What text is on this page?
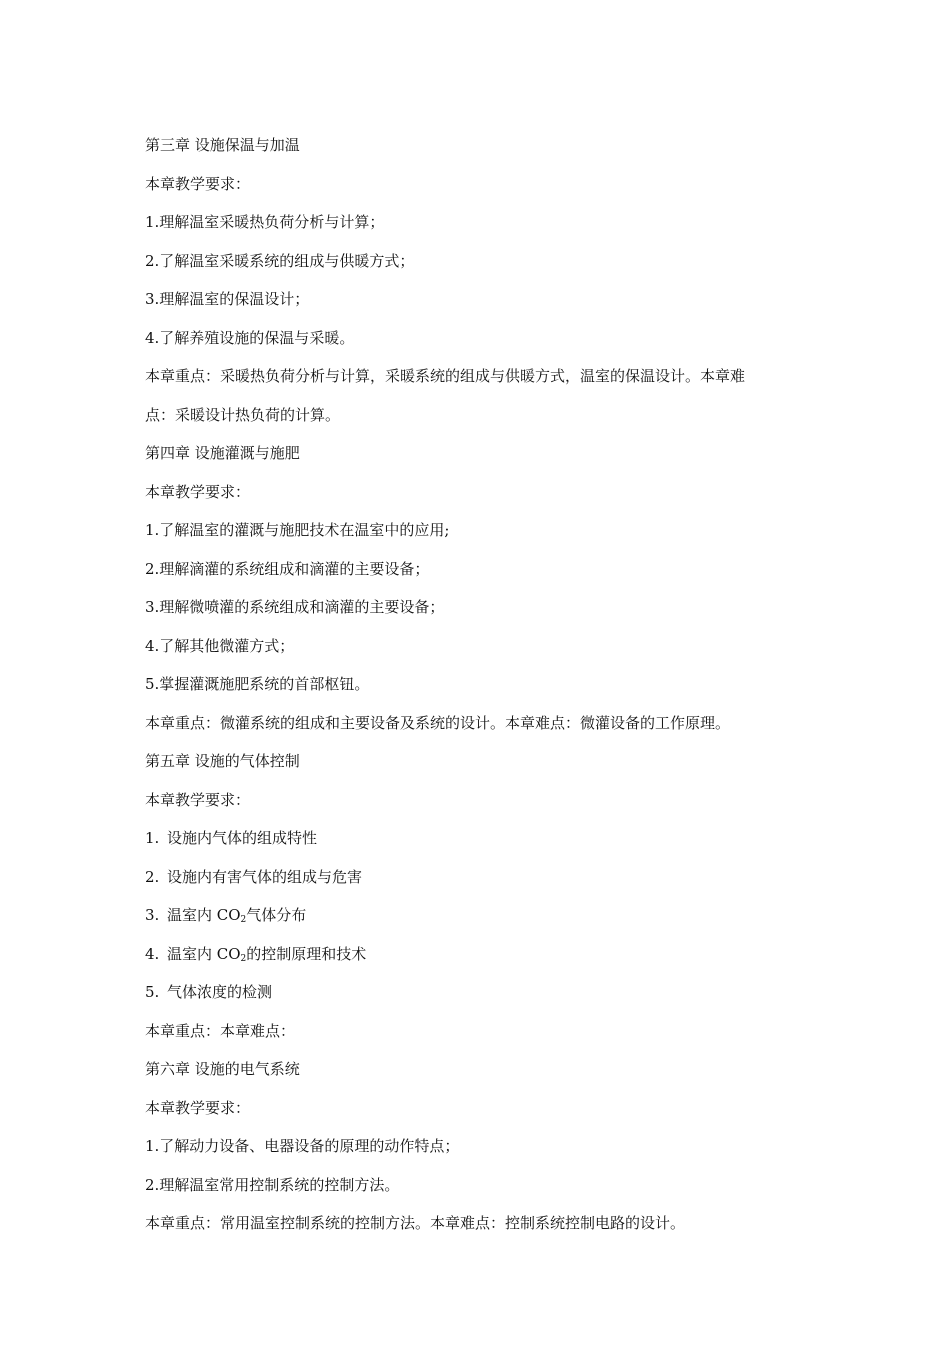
第三章 设施保温与加温
本章教学要求：
1.理解温室采暖热负荷分析与计算；
2.了解温室采暖系统的组成与供暖方式；
3.理解温室的保温设计；
4.了解养殖设施的保温与采暖。
本章重点：采暖热负荷分析与计算，采暖系统的组成与供暖方式，温室的保温设计。本章难
点：采暖设计热负荷的计算。
第四章 设施灌溉与施肥
本章教学要求：
1.了解温室的灌溉与施肥技术在温室中的应用;
2.理解滴灌的系统组成和滴灌的主要设备；
3.理解微喷灌的系统组成和滴灌的主要设备；
4.了解其他微灌方式；
5.掌握灌溉施肥系统的首部枢钮。
本章重点：微灌系统的组成和主要设备及系统的设计。本章难点：微灌设备的工作原理。
第五章 设施的气体控制
本章教学要求：
1. 设施内气体的组成特性
2. 设施内有害气体的组成与危害
3. 温室内 $CO_2$气体分布
4. 温室内 $CO_2$的控制原理和技术
5. 气体浓度的检测
本章重点：本章难点：
第六章 设施的电气系统
本章教学要求：
1.了解动力设备、电器设备的原理的动作特点；
2.理解温室常用控制系统的控制方法。
本章重点：常用温室控制系统的控制方法。本章难点：控制系统控制电路的设计。
